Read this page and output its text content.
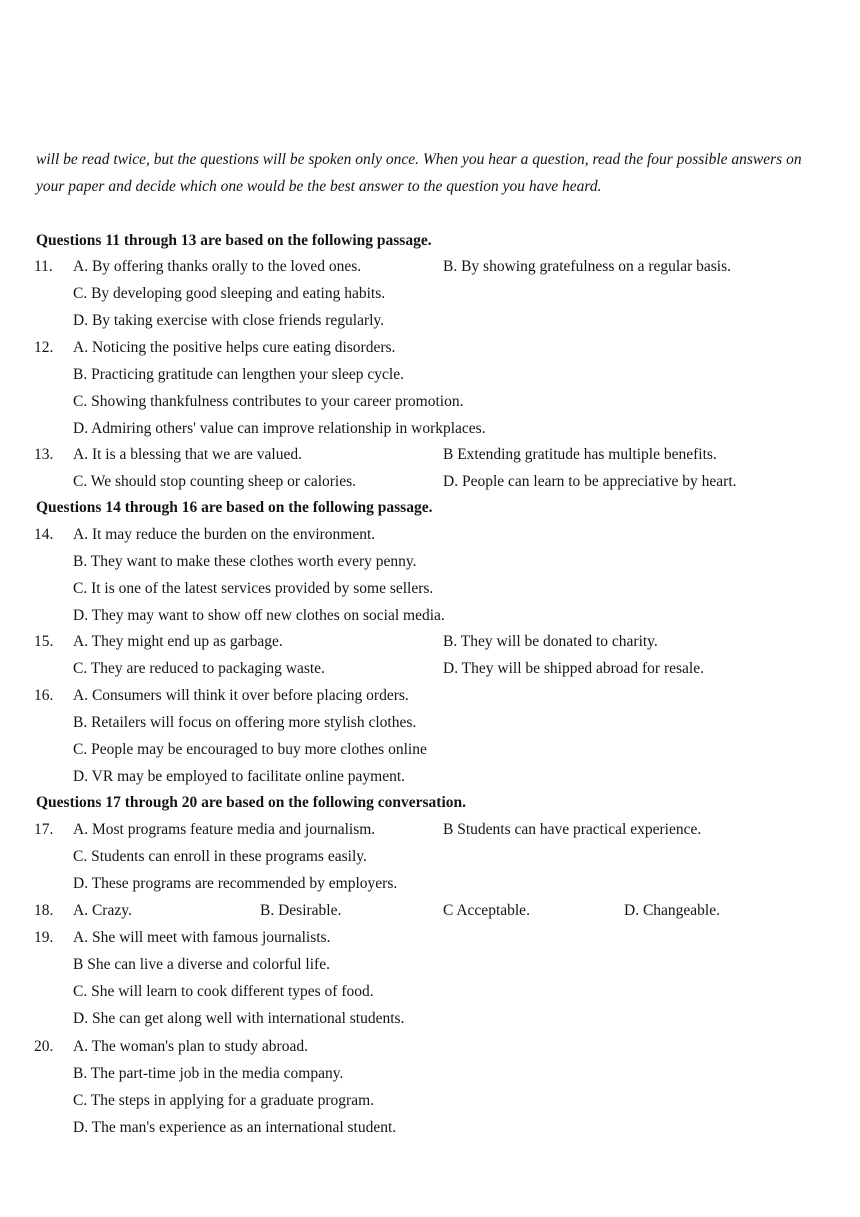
will be read twice, but the questions will be spoken only once. When you hear a question, read the four possible answers on your paper and decide which one would be the best answer to the question you have heard.
Questions 11 through 13 are based on the following passage.
11. A. By offering thanks orally to the loved ones.	B. By showing gratefulness on a regular basis.
C. By developing good sleeping and eating habits.
D. By taking exercise with close friends regularly.
12. A. Noticing the positive helps cure eating disorders.
B. Practicing gratitude can lengthen your sleep cycle.
C. Showing thankfulness contributes to your career promotion.
D. Admiring others' value can improve relationship in workplaces.
13. A. It is a blessing that we are valued.	B Extending gratitude has multiple benefits.
C. We should stop counting sheep or calories.	D. People can learn to be appreciative by heart.
Questions 14 through 16 are based on the following passage.
14. A. It may reduce the burden on the environment.
B. They want to make these clothes worth every penny.
C. It is one of the latest services provided by some sellers.
D. They may want to show off new clothes on social media.
15. A. They might end up as garbage.	B. They will be donated to charity.
C. They are reduced to packaging waste.	D. They will be shipped abroad for resale.
16. A. Consumers will think it over before placing orders.
B. Retailers will focus on offering more stylish clothes.
C. People may be encouraged to buy more clothes online
D. VR may be employed to facilitate online payment.
Questions 17 through 20 are based on the following conversation.
17. A. Most programs feature media and journalism.	B Students can have practical experience.
C. Students can enroll in these programs easily.
D. These programs are recommended by employers.
18. A. Crazy.	B. Desirable.	C Acceptable.	D. Changeable.
19. A. She will meet with famous journalists.
B She can live a diverse and colorful life.
C. She will learn to cook different types of food.
D. She can get along well with international students.
20. A. The woman's plan to study abroad.
B. The part-time job in the media company.
C. The steps in applying for a graduate program.
D. The man's experience as an international student.
